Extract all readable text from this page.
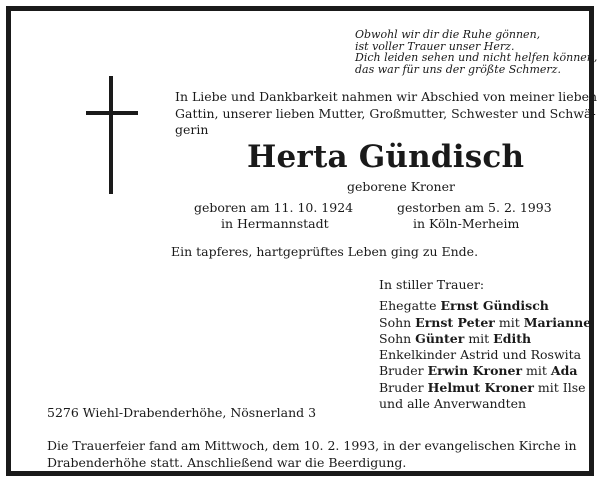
Obwohl wir dir die Ruhe gönnen,
ist voller Trauer unser Herz.
Dich leiden sehen und nicht helfen können,
das war für uns der größte Schmerz.
In Liebe und Dankbarkeit nahmen wir Abschied von meiner lieben
Gattin, unserer lieben Mutter, Großmutter, Schwester und Schwä-
gerin
Herta Gündisch
geborene Kroner
geboren am 11. 10. 1924
in Hermannstadt
gestorben am 5. 2. 1993
in Köln-Merheim
Ein tapferes, hartgeprüftes Leben ging zu Ende.
In stiller Trauer:
Ehegatte Ernst Gündisch
Sohn Ernst Peter mit Marianne
Sohn Günter mit Edith
Enkelkinder Astrid und Roswita
Bruder Erwin Kroner mit Ada
Bruder Helmut Kroner mit Ilse
und alle Anverwandten
5276 Wiehl-Drabenderhöhe, Nösnerland 3
Die Trauerfeier fand am Mittwoch, dem 10. 2. 1993, in der evangelischen Kirche in
Drabenderhöhe statt. Anschließend war die Beerdigung.
